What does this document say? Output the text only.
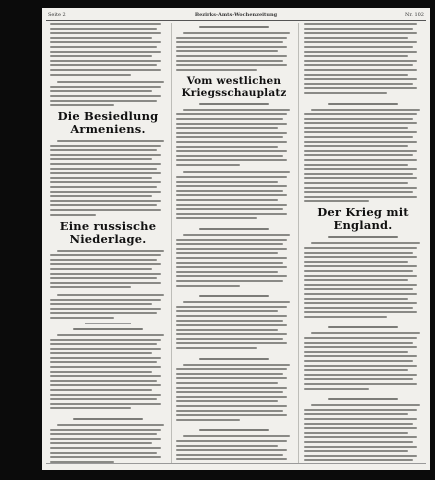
Seite 2	Bezirks-Amts-Wochenzeitung	Nr. 102
Die Besiedlung Armeniens.
Eine russische Niederlage.
Vom westlichen Kriegsschauplatz
Der Krieg mit England.
